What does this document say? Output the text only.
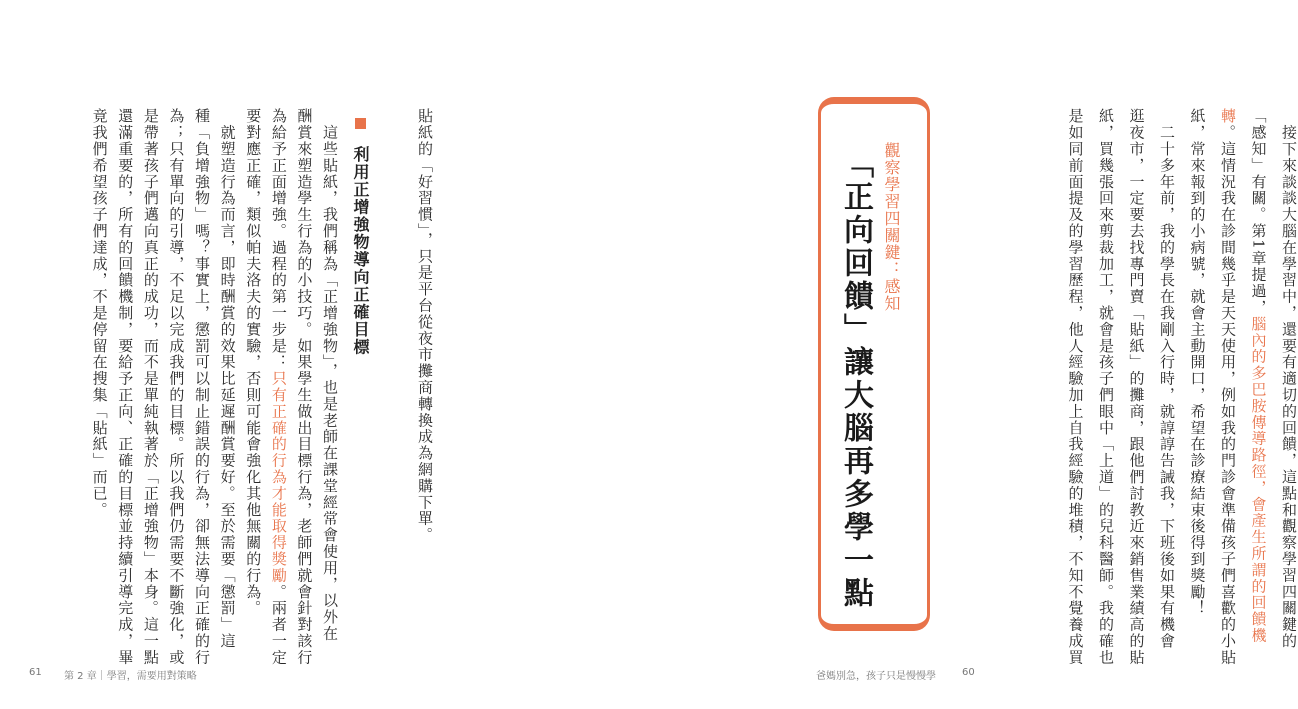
貼紙的「好習慣」，只是平台從夜市攤商轉換成為網購下單。
利用正增強物導向正確目標
　這些貼紙，我們稱為「正增強物」，也是老師在課堂經常會使用，以外在
酬賞來塑造學生行為的小技巧。如果學生做出目標行為，老師們就會針對該行
為給予正面增強。過程的第一步是：只有正確的行為才能取得獎勵。兩者一定
要對應正確，類似帕夫洛夫的實驗，否則可能會強化其他無關的行為。
　就塑造行為而言，即時酬賞的效果比延遲酬賞要好。至於需要「懲罰」這
種「負增強物」嗎？事實上，懲罰可以制止錯誤的行為，卻無法導向正確的行
為；只有單向的引導，不足以完成我們的目標。所以我們仍需要不斷強化，或
是帶著孩子們邁向真正的成功，而不是單純執著於「正增強物」本身。這一點
還滿重要的，所有的回饋機制，要給予正向、正確的目標並持續引導完成，畢
竟我們希望孩子們達成，不是停留在搜集「貼紙」而已。
61 第 2 章｜學習，需要用對策略
　接下來談談大腦在學習中，還要有適切的回饋，這點和觀察學習四關鍵的
「感知」有關。第1章提過，腦內的多巴胺傳導路徑，會產生所謂的回饋機
轉。這情況我在診間幾乎是天天使用，例如我的門診會準備孩子們喜歡的小貼
紙，常來報到的小病號，就會主動開口，希望在診療結束後得到獎勵！
　二十多年前，我的學長在我剛入行時，就諄諄告誡我，下班後如果有機會
逛夜市，一定要去找專門賣「貼紙」的攤商，跟他們討教近來銷售業績高的貼
紙，買幾張回來剪裁加工，就會是孩子們眼中「上道」的兒科醫師。我的確也
是如同前面提及的學習歷程，他人經驗加上自我經驗的堆積，不知不覺養成買
爸媽別急，孩子只是慢慢學	60
觀察學習四關鍵：感知
「正向回饋」讓大腦再多學一點
